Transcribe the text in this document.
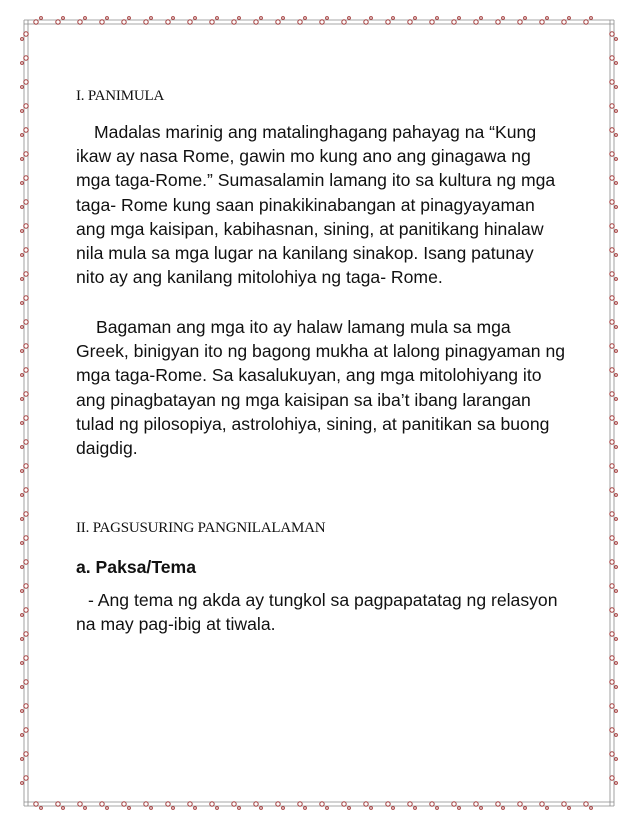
I. PANIMULA

Madalas marinig ang matalinghagang pahayag na “Kung ikaw ay nasa Rome, gawin mo kung ano ang ginagawa ng mga taga-Rome.” Sumasalamin lamang ito sa kultura ng mga taga- Rome kung saan pinakikinabangan at pinagyayaman ang mga kaisipan, kabihasnan, sining, at panitikang hinalaw nila mula sa mga lugar na kanilang sinakop. Isang patunay nito ay ang kanilang mitolohiya ng taga- Rome.

Bagaman ang mga ito ay halaw lamang mula sa mga Greek, binigyan ito ng bagong mukha at lalong pinagyaman ng mga taga-Rome. Sa kasalukuyan, ang mga mitolohiyang ito ang pinagbatayan ng mga kaisipan sa iba’t ibang larangan tulad ng pilosopiya, astrolohiya, sining, at panitikan sa buong daigdig.

II. PAGSUSURING PANGNILALAMAN
a. Paksa/Tema

- Ang tema ng akda ay tungkol sa pagpapatatag ng relasyon na may pag-ibig at tiwala.
